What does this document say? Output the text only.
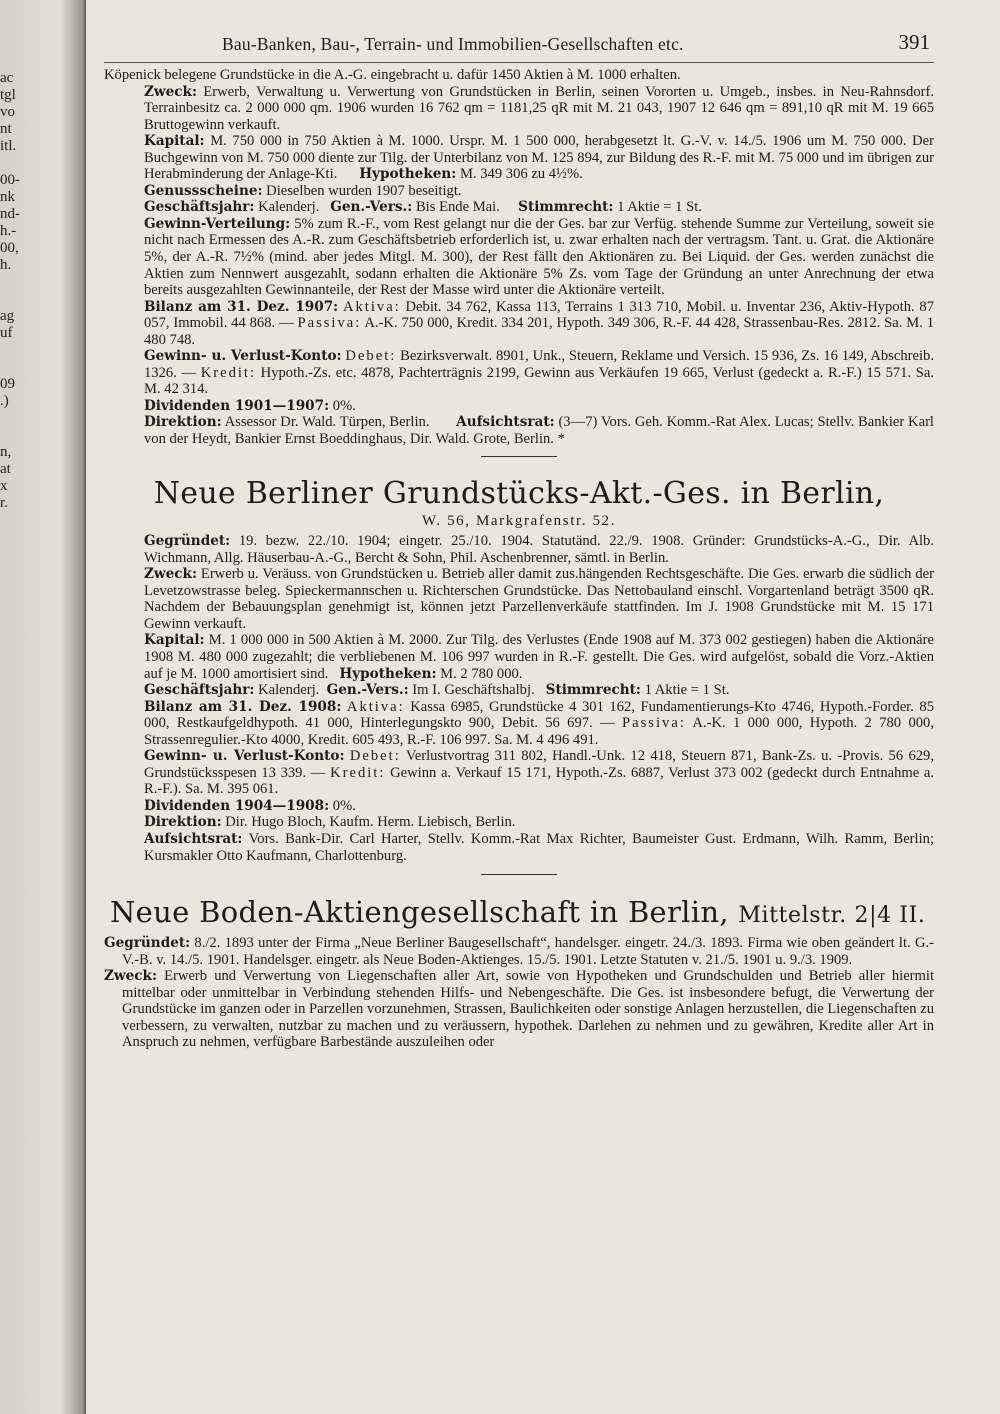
ac
tgl
vo
nt
itl.
00-
nk
nd-
h.-
00,
h.
ag
uf
09
.)
n,
at
x
r.
Bau-Banken, Bau-, Terrain- und Immobilien-Gesellschaften etc.	391

Köpenick belegene Grundstücke in die A.-G. eingebracht u. dafür 1450 Aktien à M. 1000 erhalten.

Zweck: Erwerb, Verwaltung u. Verwertung von Grundstücken in Berlin, seinen Vororten u. Umgeb., insbes. in Neu-Rahnsdorf. Terrainbesitz ca. 2 000 000 qm. 1906 wurden 16 762 qm = 1181,25 qR mit M. 21 043, 1907 12 646 qm = 891,10 qR mit M. 19 665 Bruttogewinn verkauft.

Kapital: M. 750 000 in 750 Aktien à M. 1000. Urspr. M. 1 500 000, herabgesetzt lt. G.-V. v. 14./5. 1906 um M. 750 000. Der Buchgewinn von M. 750 000 diente zur Tilg. der Unterbilanz von M. 125 894, zur Bildung des R.-F. mit M. 75 000 und im übrigen zur Herabminderung der Anlage-Kti. Hypotheken: M. 349 306 zu 4½%.

Genussscheine: Dieselben wurden 1907 beseitigt.

Geschäftsjahr: Kalenderj. Gen.-Vers.: Bis Ende Mai. Stimmrecht: 1 Aktie = 1 St.

Gewinn-Verteilung: 5% zum R.-F., vom Rest gelangt nur die der Ges. bar zur Verfüg. stehende Summe zur Verteilung, soweit sie nicht nach Ermessen des A.-R. zum Geschäftsbetrieb erforderlich ist, u. zwar erhalten nach der vertragsm. Tant. u. Grat. die Aktionäre 5%, der A.-R. 7½% (mind. aber jedes Mitgl. M. 300), der Rest fällt den Aktionären zu. Bei Liquid. der Ges. werden zunächst die Aktien zum Nennwert ausgezahlt, sodann erhalten die Aktionäre 5% Zs. vom Tage der Gründung an unter Anrechnung der etwa bereits ausgezahlten Gewinnanteile, der Rest der Masse wird unter die Aktionäre verteilt.

Bilanz am 31. Dez. 1907: Aktiva: Debit. 34 762, Kassa 113, Terrains 1 313 710, Mobil. u. Inventar 236, Aktiv-Hypoth. 87 057, Immobil. 44 868. — Passiva: A.-K. 750 000, Kredit. 334 201, Hypoth. 349 306, R.-F. 44 428, Strassenbau-Res. 2812. Sa. M. 1 480 748.

Gewinn- u. Verlust-Konto: Debet: Bezirksverwalt. 8901, Unk., Steuern, Reklame und Versich. 15 936, Zs. 16 149, Abschreib. 1326. — Kredit: Hypoth.-Zs. etc. 4878, Pachterträgnis 2199, Gewinn aus Verkäufen 19 665, Verlust (gedeckt a. R.-F.) 15 571. Sa. M. 42 314.

Dividenden 1901—1907: 0%.

Direktion: Assessor Dr. Wald. Türpen, Berlin. Aufsichtsrat: (3—7) Vors. Geh. Komm.-Rat Alex. Lucas; Stellv. Bankier Karl von der Heydt, Bankier Ernst Boeddinghaus, Dir. Wald. Grote, Berlin. *

Neue Berliner Grundstücks-Akt.-Ges. in Berlin,
W. 56, Markgrafenstr. 52.

Gegründet: 19. bezw. 22./10. 1904; eingetr. 25./10. 1904. Statutänd. 22./9. 1908. Gründer: Grundstücks-A.-G., Dir. Alb. Wichmann, Allg. Häuserbau-A.-G., Bercht & Sohn, Phil. Aschenbrenner, sämtl. in Berlin.

Zweck: Erwerb u. Veräuss. von Grundstücken u. Betrieb aller damit zus.hängenden Rechtsgeschäfte. Die Ges. erwarb die südlich der Levetzowstrasse beleg. Spieckermannschen u. Richterschen Grundstücke. Das Nettobauland einschl. Vorgartenland beträgt 3500 qR. Nachdem der Bebauungsplan genehmigt ist, können jetzt Parzellenverkäufe stattfinden. Im J. 1908 Grundstücke mit M. 15 171 Gewinn verkauft.

Kapital: M. 1 000 000 in 500 Aktien à M. 2000. Zur Tilg. des Verlustes (Ende 1908 auf M. 373 002 gestiegen) haben die Aktionäre 1908 M. 480 000 zugezahlt; die verbliebenen M. 106 997 wurden in R.-F. gestellt. Die Ges. wird aufgelöst, sobald die Vorz.-Aktien auf je M. 1000 amortisiert sind. Hypotheken: M. 2 780 000.

Geschäftsjahr: Kalenderj. Gen.-Vers.: Im I. Geschäftshalbj. Stimmrecht: 1 Aktie = 1 St.

Bilanz am 31. Dez. 1908: Aktiva: Kassa 6985, Grundstücke 4 301 162, Fundamentierungs-Kto 4746, Hypoth.-Forder. 85 000, Restkaufgeldhypoth. 41 000, Hinterlegungskto 900, Debit. 56 697. — Passiva: A.-K. 1 000 000, Hypoth. 2 780 000, Strassenregulier.-Kto 4000, Kredit. 605 493, R.-F. 106 997. Sa. M. 4 496 491.

Gewinn- u. Verlust-Konto: Debet: Verlustvortrag 311 802, Handl.-Unk. 12 418, Steuern 871, Bank-Zs. u. -Provis. 56 629, Grundstücksspesen 13 339. — Kredit: Gewinn a. Verkauf 15 171, Hypoth.-Zs. 6887, Verlust 373 002 (gedeckt durch Entnahme a. R.-F.). Sa. M. 395 061.

Dividenden 1904—1908: 0%.

Direktion: Dir. Hugo Bloch, Kaufm. Herm. Liebisch, Berlin.

Aufsichtsrat: Vors. Bank-Dir. Carl Harter, Stellv. Komm.-Rat Max Richter, Baumeister Gust. Erdmann, Wilh. Ramm, Berlin; Kursmakler Otto Kaufmann, Charlottenburg.

Neue Boden-Aktiengesellschaft in Berlin, Mittelstr. 2|4 II.

Gegründet: 8./2. 1893 unter der Firma „Neue Berliner Baugesellschaft“, handelsger. eingetr. 24./3. 1893. Firma wie oben geändert lt. G.-V.-B. v. 14./5. 1901. Handelsger. eingetr. als Neue Boden-Aktienges. 15./5. 1901. Letzte Statuten v. 21./5. 1901 u. 9./3. 1909.

Zweck: Erwerb und Verwertung von Liegenschaften aller Art, sowie von Hypotheken und Grundschulden und Betrieb aller hiermit mittelbar oder unmittelbar in Verbindung stehenden Hilfs- und Nebengeschäfte. Die Ges. ist insbesondere befugt, die Verwertung der Grundstücke im ganzen oder in Parzellen vorzunehmen, Strassen, Baulichkeiten oder sonstige Anlagen herzustellen, die Liegenschaften zu verbessern, zu verwalten, nutzbar zu machen und zu veräussern, hypothek. Darlehen zu nehmen und zu gewähren, Kredite aller Art in Anspruch zu nehmen, verfügbare Barbestände auszuleihen oder
